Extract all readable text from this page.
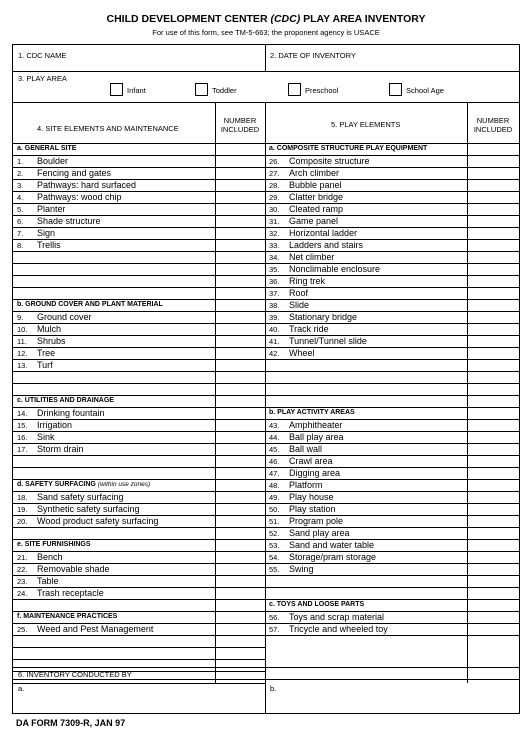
CHILD DEVELOPMENT CENTER (CDC) PLAY AREA INVENTORY
For use of this form, see TM-5-663; the proponent agency is USACE
1. CDC NAME	2. DATE OF INVENTORY
3. PLAY AREA
Infant	Toddler	Preschool	School Age
4. SITE ELEMENTS AND MAINTENANCE
NUMBER
INCLUDED
5. PLAY ELEMENTS	NUMBER
INCLUDED
a. GENERAL SITE
1. Boulder
2. Fencing and gates
3. Pathways: hard surfaced
4. Pathways: wood chip
5. Planter
6. Shade structure
7. Sign
8. Trellis
b. GROUND COVER AND PLANT MATERIAL
9. Ground cover
10. Mulch
11. Shrubs
12. Tree
13. Turf
c. UTILITIES AND DRAINAGE
14. Drinking fountain
15. Irrigation
16. Sink
17. Storm drain
d. SAFETY SURFACING (within use zones)
18. Sand safety surfacing
19. Synthetic safety surfacing
20. Wood product safety surfacing
e. SITE FURNISHINGS
21. Bench
22. Removable shade
23. Table
24. Trash receptacle
f. MAINTENANCE PRACTICES
25. Weed and Pest Management
a. COMPOSITE STRUCTURE PLAY EQUIPMENT
26. Composite structure
27. Arch climber
28. Bubble panel
29. Clatter bridge
30. Cleated ramp
31. Game panel
32. Horizontal ladder
33. Ladders and stairs
34. Net climber
35. Nonclimable enclosure
36. Ring trek
37. Roof
38. Slide
39. Stationary bridge
40. Track ride
41. Tunnel/Tunnel slide
42. Wheel
b. PLAY ACTIVITY AREAS
43. Amphitheater
44. Ball play area
45. Ball wall
46. Crawl area
47. Digging area
48. Platform
49. Play house
50. Play station
51. Program pole
52. Sand play area
53. Sand and water table
54. Storage/pram storage
55. Swing
c. TOYS AND LOOSE PARTS
56. Toys and scrap material
57. Tricycle and wheeled toy
6. INVENTORY CONDUCTED BY
a.	b.
DA FORM 7309-R, JAN 97
